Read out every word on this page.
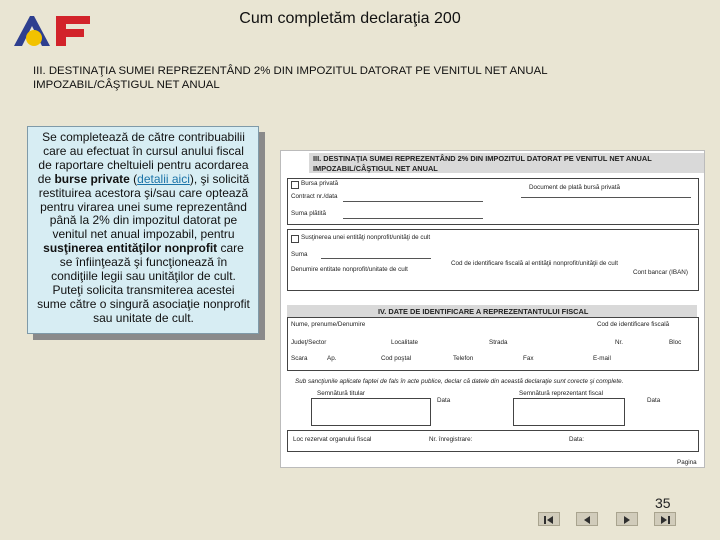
Cum completăm declaraţia 200
III. DESTINAŢIA SUMEI REPREZENTÂND 2% DIN IMPOZITUL DATORAT PE VENITUL NET ANUAL IMPOZABIL/CÂŞTIGUL NET ANUAL
Se completează de către contribuabilii care au efectuat în cursul anului fiscal de raportare cheltuieli pentru acordarea de burse private (detalii aici), şi solicită restituirea acestora şi/sau care optează pentru virarea unei sume reprezentând până la 2% din impozitul datorat pe venitul net anual impozabil, pentru susţinerea entităţilor nonprofit care se înfiinţează şi funcţionează în condiţiile legii sau unităţilor de cult. Puteţi solicita transmiterea acestei sume către o singură asociaţie nonprofit sau unitate de cult.
III. DESTINAŢIA SUMEI REPREZENTÂND 2% DIN IMPOZITUL DATORAT PE VENITUL NET ANUAL
IMPOZABIL/CÂŞTIGUL NET ANUAL
Bursa privată
Document de plată bursă privată
Contract nr./data
Suma plătită
Susţinerea unei entităţi nonprofit/unităţi de cult
Suma
Cod de identificare fiscală al entităţii nonprofit/unităţii de cult
Denumire entitate nonprofit/unitate de cult	Cont bancar (IBAN)
IV. DATE DE IDENTIFICARE A REPREZENTANTULUI FISCAL
Nume, prenume/Denumire	Cod de identificare fiscală
Judeţ/Sector	Localitate	Strada	Nr.	Bloc
Scara	Ap.	Cod poştal	Telefon	Fax	E-mail
Sub sancţiunile aplicate faptei de fals în acte publice, declar că datele din această declaraţie sunt corecte şi complete.
Semnătură titular
Data
Semnătură reprezentant fiscal
Data
Loc rezervat organului fiscal	Nr. înregistrare:	Data:
Pagina
35
